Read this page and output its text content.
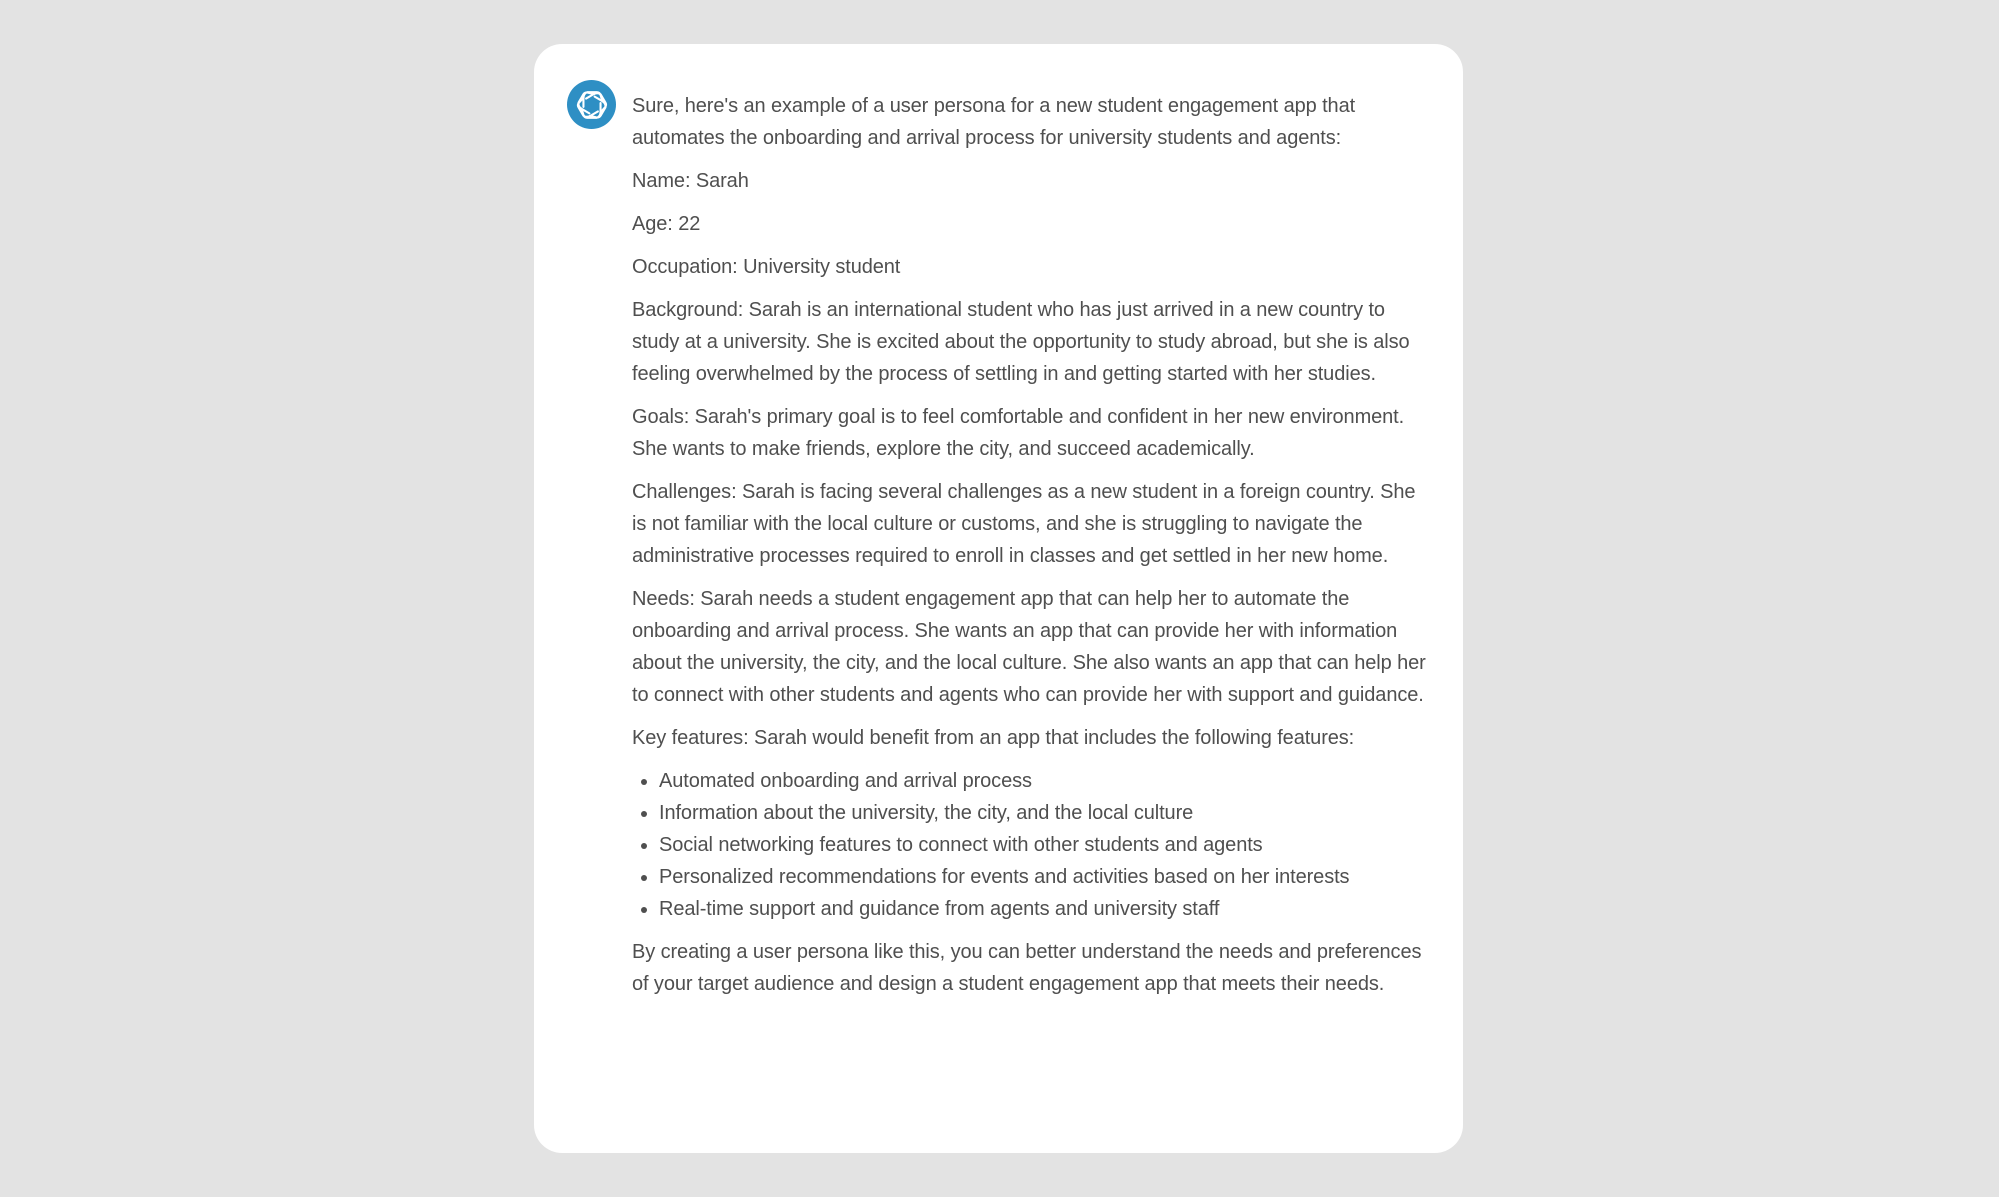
Sure, here's an example of a user persona for a new student engagement app that automates the onboarding and arrival process for university students and agents:

Name: Sarah

Age: 22

Occupation: University student

Background: Sarah is an international student who has just arrived in a new country to study at a university. She is excited about the opportunity to study abroad, but she is also feeling overwhelmed by the process of settling in and getting started with her studies.

Goals: Sarah's primary goal is to feel comfortable and confident in her new environment. She wants to make friends, explore the city, and succeed academically.

Challenges: Sarah is facing several challenges as a new student in a foreign country. She is not familiar with the local culture or customs, and she is struggling to navigate the administrative processes required to enroll in classes and get settled in her new home.

Needs: Sarah needs a student engagement app that can help her to automate the onboarding and arrival process. She wants an app that can provide her with information about the university, the city, and the local culture. She also wants an app that can help her to connect with other students and agents who can provide her with support and guidance.

Key features: Sarah would benefit from an app that includes the following features:

• Automated onboarding and arrival process
• Information about the university, the city, and the local culture
• Social networking features to connect with other students and agents
• Personalized recommendations for events and activities based on her interests
• Real-time support and guidance from agents and university staff

By creating a user persona like this, you can better understand the needs and preferences of your target audience and design a student engagement app that meets their needs.
